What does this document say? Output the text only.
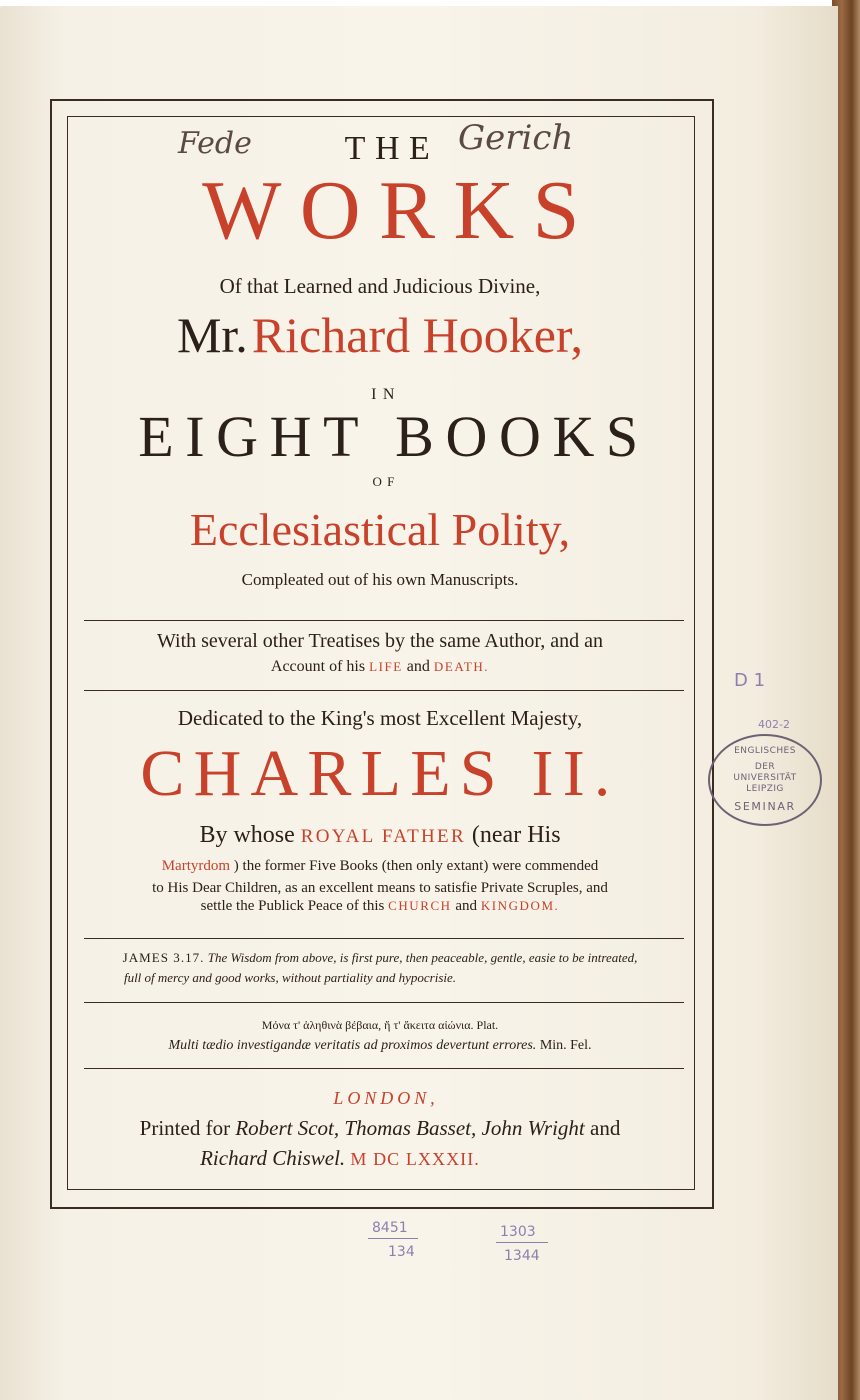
Fede	Gerich
THE
WORKS
Of that Learned and Judicious Divine,
Mr. Richard Hooker,
IN
EIGHT BOOKS
OF
Ecclesiastical Polity,
Compleated out of his own Manuscripts.
With several other Treatises by the same Author, and an
Account of his LIFE and DEATH.
Dedicated to the King's most Excellent Majesty,
CHARLES II.
By whose ROYAL FATHER (near His
Martyrdom ) the former Five Books (then only extant) were commended
to His Dear Children, as an excellent means to satisfie Private Scruples, and
settle the Publick Peace of this CHURCH and KINGDOM.
JAMES 3.17. The Wisdom from above, is first pure, then peaceable, gentle, easie to be intreated,
full of mercy and good works, without partiality and hypocrisie.
Μόνα τ' ἀληθινὰ βέβαια, ἤ τ' ἄκειτα αἰώνια. Plat.
Multi tædio investigandæ veritatis ad proximos devertunt errores. Min. Fel.
LONDON,
Printed for Robert Scot, Thomas Basset, John Wright and
Richard Chiswel. M DC LXXXII.
D 1
402-2
8451
134
1303
1344
ENGLISCHES
DER
UNIVERSITÄT
LEIPZIG
SEMINAR
